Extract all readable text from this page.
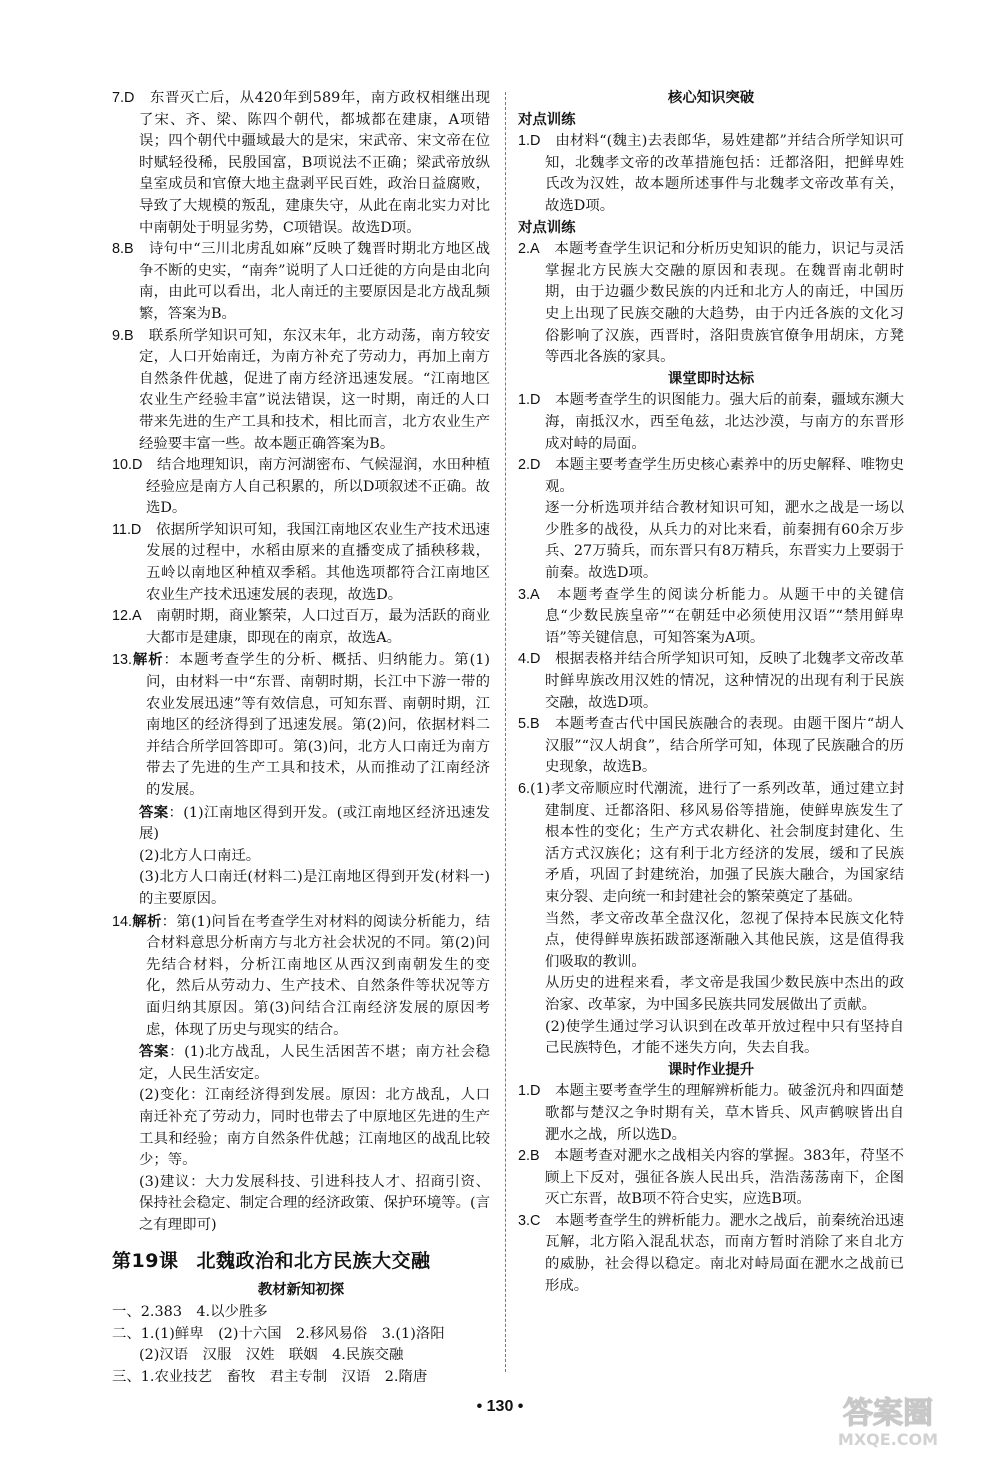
7.D　 东晋灭亡后，从420年到589年，南方政权相继出现了宋、齐、梁、陈四个朝代，都城都在建康，A项错误；四个朝代中疆域最大的是宋，宋武帝、宋文帝在位时赋轻役稀，民殷国富，B项说法不正确；梁武帝放纵皇室成员和官僚大地主盘剥平民百姓，政治日益腐败，导致了大规模的叛乱，建康失守，从此在南北实力对比中南朝处于明显劣势，C项错误。故选D项。

8.B　 诗句中“三川北虏乱如麻”反映了魏晋时期北方地区战争不断的史实，“南奔”说明了人口迁徙的方向是由北向南，由此可以看出，北人南迁的主要原因是北方战乱频繁，答案为B。

9.B　 联系所学知识可知，东汉末年，北方动荡，南方较安定，人口开始南迁，为南方补充了劳动力，再加上南方自然条件优越，促进了南方经济迅速发展。“江南地区农业生产经验丰富”说法错误，这一时期，南迁的人口带来先进的生产工具和技术，相比而言，北方农业生产经验要丰富一些。故本题正确答案为B。

10.D　 结合地理知识，南方河湖密布、气候湿润，水田种植经验应是南方人自己积累的，所以D项叙述不正确。故选D。

11.D　 依据所学知识可知，我国江南地区农业生产技术迅速发展的过程中，水稻由原来的直播变成了插秧移栽，五岭以南地区种植双季稻。其他选项都符合江南地区农业生产技术迅速发展的表现，故选D。

12.A　 南朝时期，商业繁荣，人口过百万，最为活跃的商业大都市是建康，即现在的南京，故选A。

13.解析：本题考查学生的分析、概括、归纳能力。第(1)问，由材料一中“东晋、南朝时期，长江中下游一带的农业发展迅速”等有效信息，可知东晋、南朝时期，江南地区的经济得到了迅速发展。第(2)问，依据材料二并结合所学回答即可。第(3)问，北方人口南迁为南方带去了先进的生产工具和技术，从而推动了江南经济的发展。

答案：(1)江南地区得到开发。(或江南地区经济迅速发展)

(2)北方人口南迁。

(3)北方人口南迁(材料二)是江南地区得到开发(材料一)的主要原因。

14.解析：第(1)问旨在考查学生对材料的阅读分析能力，结合材料意思分析南方与北方社会状况的不同。第(2)问先结合材料，分析江南地区从西汉到南朝发生的变化，然后从劳动力、生产技术、自然条件等状况等方面归纳其原因。第(3)问结合江南经济发展的原因考虑，体现了历史与现实的结合。

答案：(1)北方战乱，人民生活困苦不堪；南方社会稳定，人民生活安定。

(2)变化：江南经济得到发展。原因：北方战乱，人口南迁补充了劳动力，同时也带去了中原地区先进的生产工具和经验；南方自然条件优越；江南地区的战乱比较少；等。

(3)建议：大力发展科技、引进科技人才、招商引资、保持社会稳定、制定合理的经济政策、保护环境等。(言之有理即可)

第19课 北魏政治和北方民族大交融

教材新知初探

一、2.383　4.以少胜多

二、1.(1)鲜卑　(2)十六国　2.移风易俗　3.(1)洛阳

(2)汉语　汉服　汉姓　联姻　4.民族交融

三、1.农业技艺　畜牧　君主专制　汉语　2.隋唐

核心知识突破

对点训练

1.D　 由材料“(魏主)去表郎华，易姓建都”并结合所学知识可知，北魏孝文帝的改革措施包括：迁都洛阳，把鲜卑姓氏改为汉姓，故本题所述事件与北魏孝文帝改革有关，故选D项。

对点训练

2.A　 本题考查学生识记和分析历史知识的能力，识记与灵活掌握北方民族大交融的原因和表现。在魏晋南北朝时期，由于边疆少数民族的内迁和北方人的南迁，中国历史上出现了民族交融的大趋势，由于内迁各族的文化习俗影响了汉族，西晋时，洛阳贵族官僚争用胡床，方凳等西北各族的家具。

课堂即时达标

1.D　 本题考查学生的识图能力。强大后的前秦，疆域东濒大海，南抵汉水，西至龟兹，北达沙漠，与南方的东晋形成对峙的局面。

2.D　 本题主要考查学生历史核心素养中的历史解释、唯物史观。

逐一分析选项并结合教材知识可知，淝水之战是一场以少胜多的战役，从兵力的对比来看，前秦拥有60余万步兵、27万骑兵，而东晋只有8万精兵，东晋实力上要弱于前秦。故选D项。

3.A　 本题考查学生的阅读分析能力。从题干中的关键信息“少数民族皇帝”“在朝廷中必须使用汉语”“禁用鲜卑语”等关键信息，可知答案为A项。

4.D　 根据表格并结合所学知识可知，反映了北魏孝文帝改革时鲜卑族改用汉姓的情况，这种情况的出现有利于民族交融，故选D项。

5.B　 本题考查古代中国民族融合的表现。由题干图片“胡人汉服”“汉人胡食”，结合所学可知，体现了民族融合的历史现象，故选B。

6.(1)孝文帝顺应时代潮流，进行了一系列改革，通过建立封建制度、迁都洛阳、移风易俗等措施，使鲜卑族发生了根本性的变化；生产方式农耕化、社会制度封建化、生活方式汉族化；这有利于北方经济的发展，缓和了民族矛盾，巩固了封建统治，加强了民族大融合，为国家结束分裂、走向统一和封建社会的繁荣奠定了基础。

当然，孝文帝改革全盘汉化，忽视了保持本民族文化特点，使得鲜卑族拓跋部逐渐融入其他民族，这是值得我们吸取的教训。

从历史的进程来看，孝文帝是我国少数民族中杰出的政治家、改革家，为中国多民族共同发展做出了贡献。

(2)使学生通过学习认识到在改革开放过程中只有坚持自己民族特色，才能不迷失方向，失去自我。

课时作业提升

1.D　 本题主要考查学生的理解辨析能力。破釜沉舟和四面楚歌都与楚汉之争时期有关，草木皆兵、风声鹤唳皆出自淝水之战，所以选D。

2.B　 本题考查对淝水之战相关内容的掌握。383年，苻坚不顾上下反对，强征各族人民出兵，浩浩荡荡南下，企图灭亡东晋，故B项不符合史实，应选B项。

3.C　 本题考查学生的辨析能力。淝水之战后，前秦统治迅速瓦解，北方陷入混乱状态，而南方暂时消除了来自北方的威胁，社会得以稳定。南北对峙局面在淝水之战前已形成。

• 130 •	答案圈
MXQE.COM
